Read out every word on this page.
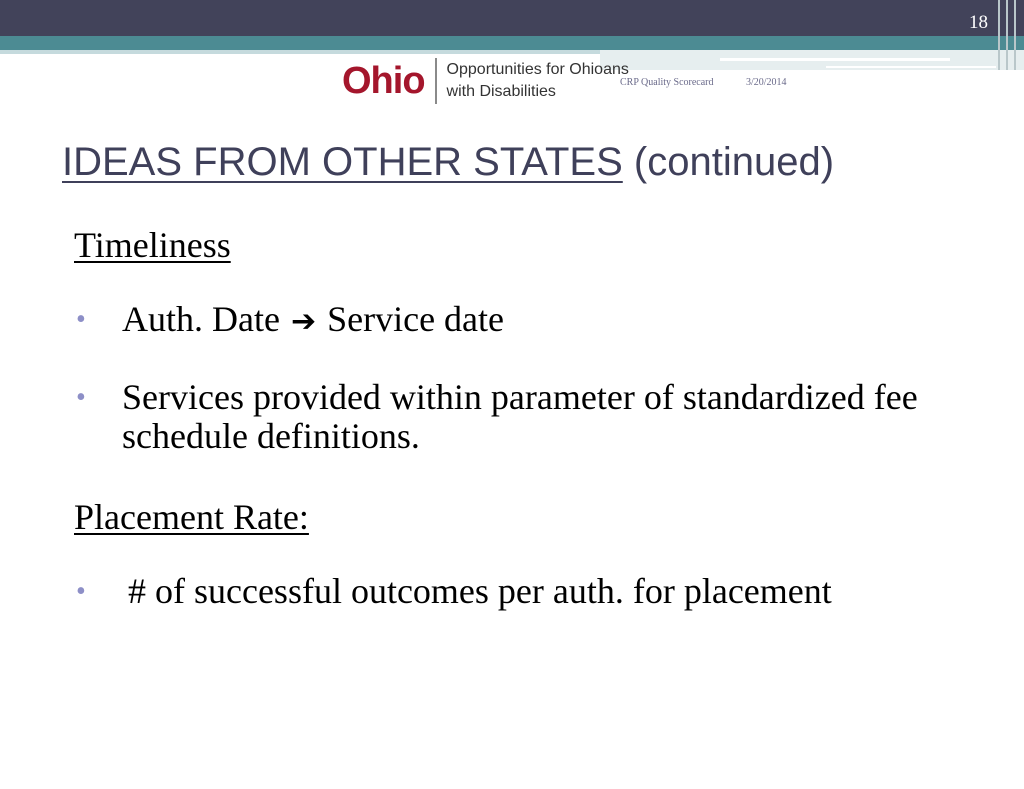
18
Ohio Opportunities for Ohioans
with Disabilities
CRP Quality Scorecard	3/20/2014
IDEAS FROM OTHER STATES (continued)
Timeliness
• Auth. Date ➔ Service date
• Services provided within parameter of standardized fee schedule definitions.
Placement Rate:
• # of successful outcomes per auth. for placement
